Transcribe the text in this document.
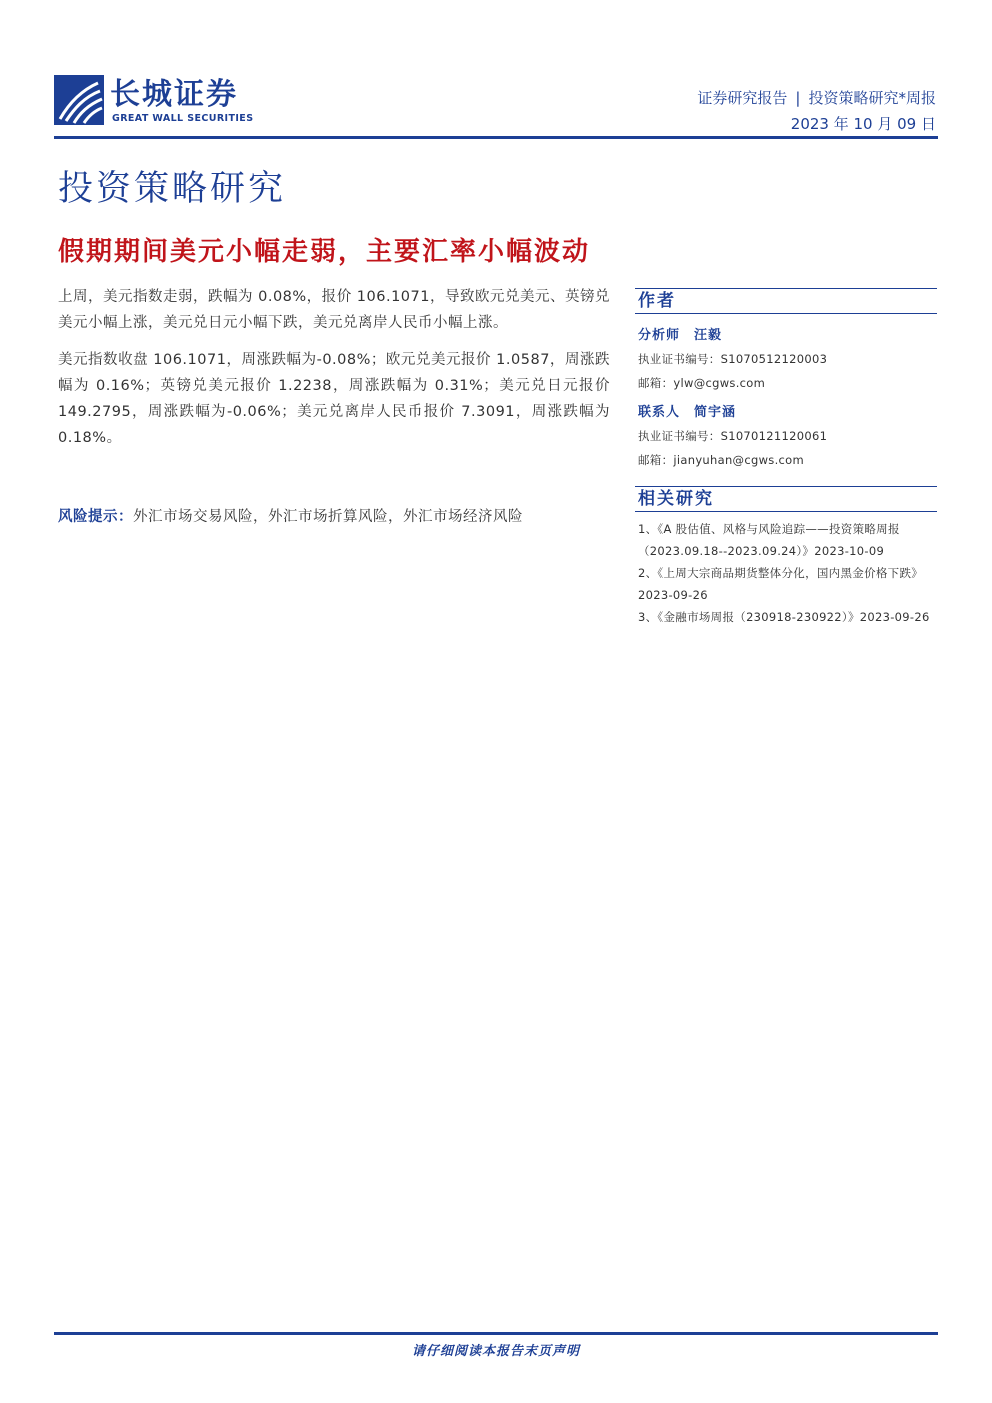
长城证券
GREAT WALL SECURITIES
证券研究报告 | 投资策略研究*周报
2023 年 10 月 09 日
投资策略研究
假期期间美元小幅走弱，主要汇率小幅波动
上周，美元指数走弱，跌幅为 0.08%，报价 106.1071，导致欧元兑美元、英镑兑美元小幅上涨，美元兑日元小幅下跌，美元兑离岸人民币小幅上涨。
美元指数收盘 106.1071，周涨跌幅为-0.08%；欧元兑美元报价 1.0587，周涨跌幅为 0.16%；英镑兑美元报价 1.2238，周涨跌幅为 0.31%；美元兑日元报价 149.2795，周涨跌幅为-0.06%；美元兑离岸人民币报价 7.3091，周涨跌幅为 0.18%。
风险提示：外汇市场交易风险，外汇市场折算风险，外汇市场经济风险
作者
分析师 汪毅
执业证书编号：S1070512120003
邮箱：ylw@cgws.com
联系人 简宇涵
执业证书编号：S1070121120061
邮箱：jianyuhan@cgws.com
相关研究
1、《A 股估值、风格与风险追踪——投资策略周报（2023.09.18--2023.09.24）》2023-10-09
2、《上周大宗商品期货整体分化，国内黑金价格下跌》2023-09-26
3、《金融市场周报（230918-230922）》2023-09-26
请仔细阅读本报告末页声明
